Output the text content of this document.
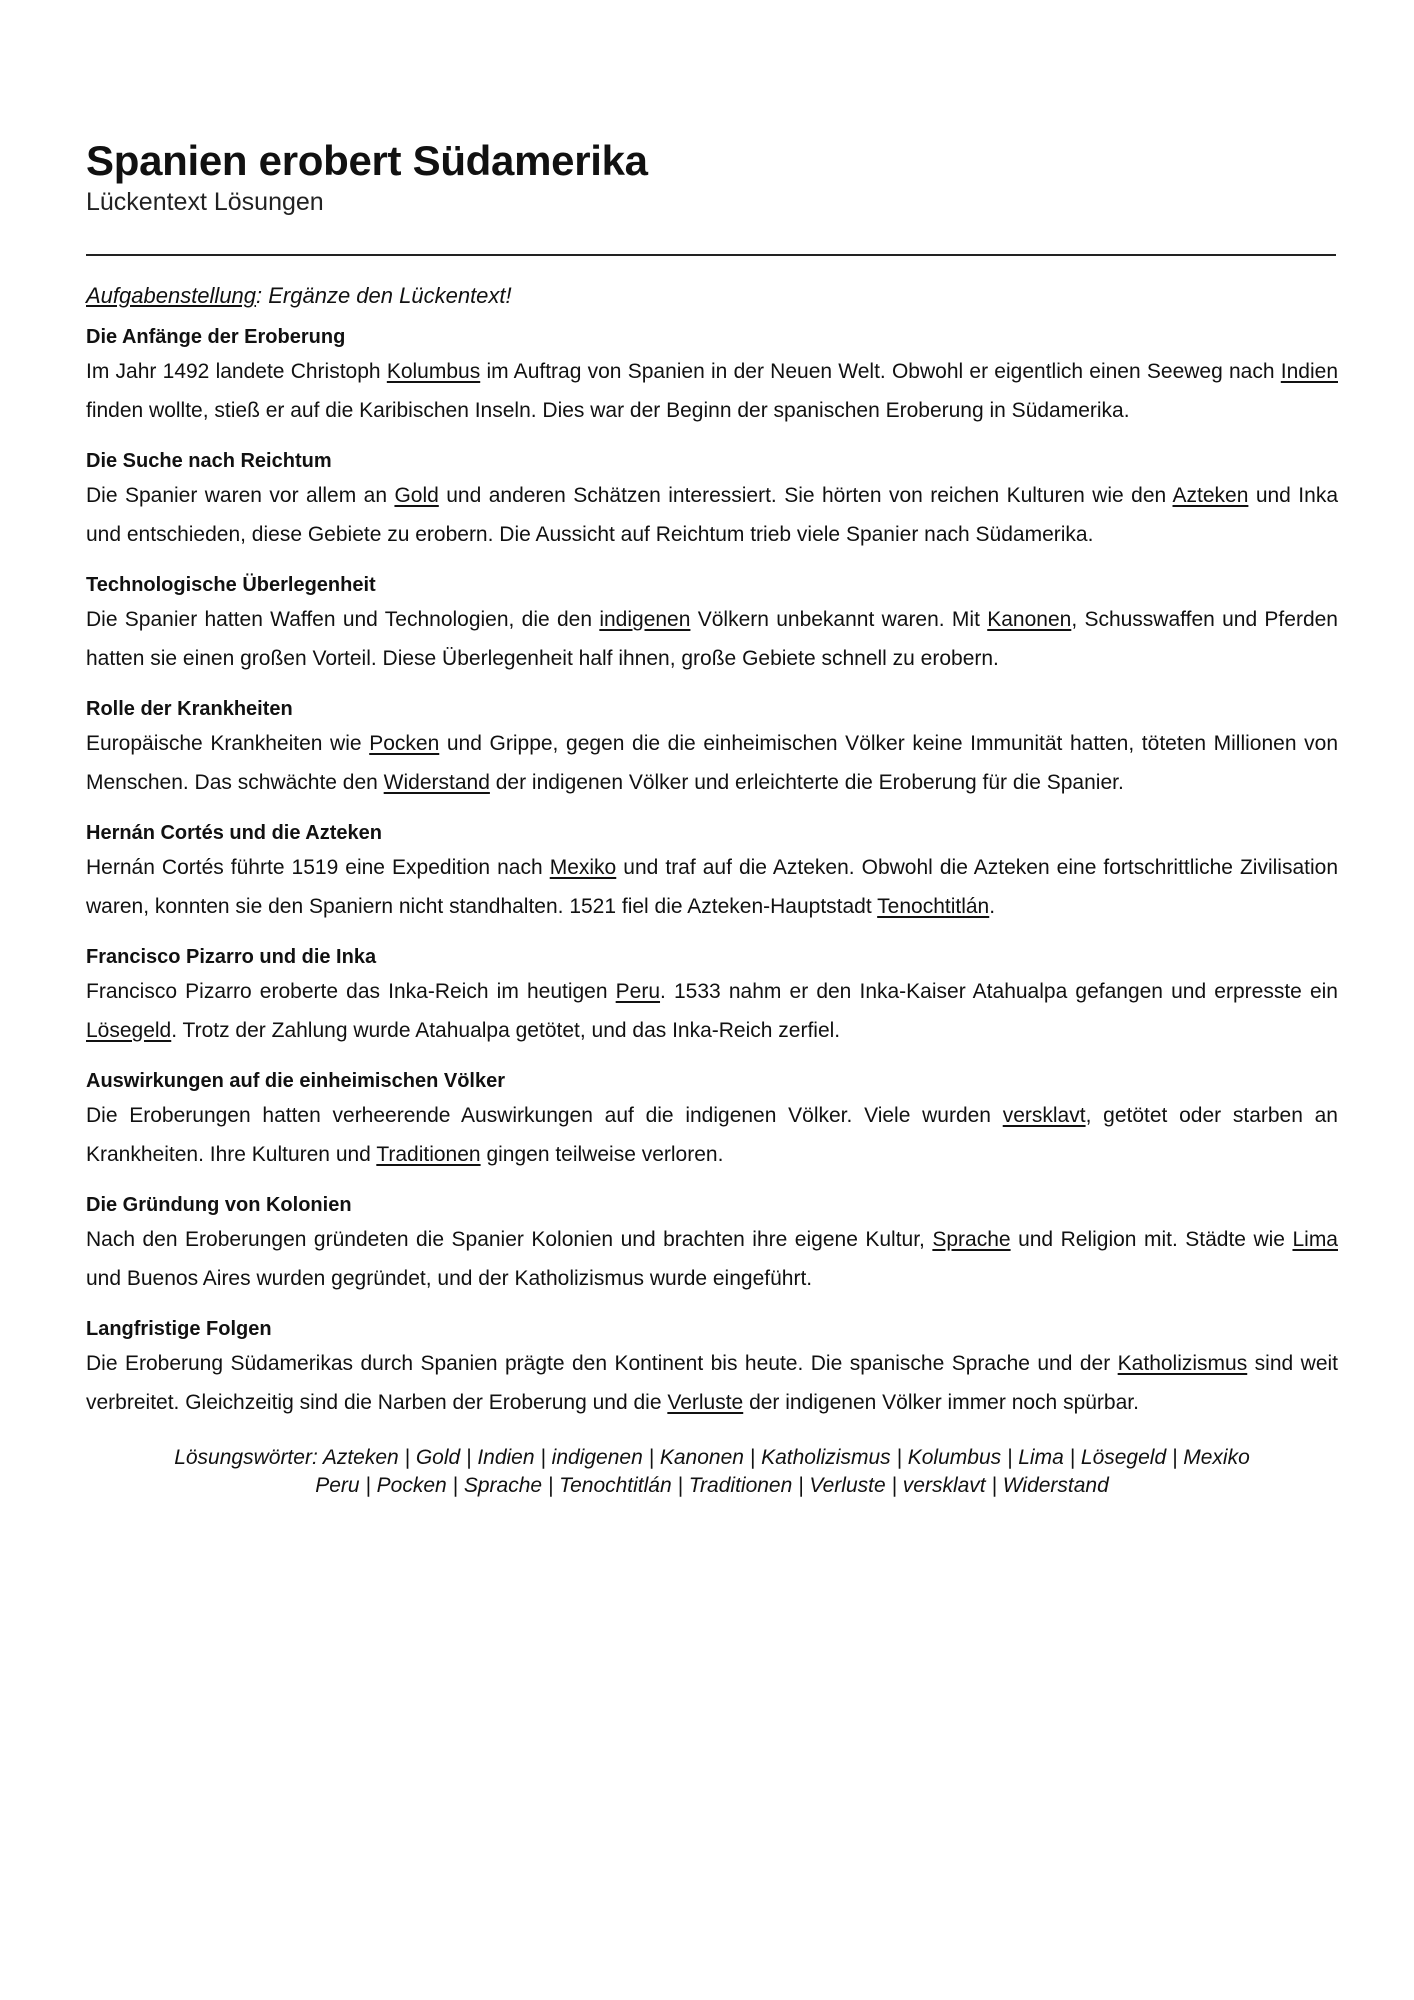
Spanien erobert Südamerika

Lückentext Lösungen

Aufgabenstellung: Ergänze den Lückentext!

Die Anfänge der Eroberung

Im Jahr 1492 landete Christoph Kolumbus im Auftrag von Spanien in der Neuen Welt. Obwohl er eigentlich einen Seeweg nach Indien finden wollte, stieß er auf die Karibischen Inseln. Dies war der Beginn der spanischen Eroberung in Südamerika.

Die Suche nach Reichtum

Die Spanier waren vor allem an Gold und anderen Schätzen interessiert. Sie hörten von reichen Kulturen wie den Azteken und Inka und entschieden, diese Gebiete zu erobern. Die Aussicht auf Reichtum trieb viele Spanier nach Südamerika.

Technologische Überlegenheit

Die Spanier hatten Waffen und Technologien, die den indigenen Völkern unbekannt waren. Mit Kanonen, Schusswaffen und Pferden hatten sie einen großen Vorteil. Diese Überlegenheit half ihnen, große Gebiete schnell zu erobern.

Rolle der Krankheiten

Europäische Krankheiten wie Pocken und Grippe, gegen die die einheimischen Völker keine Immunität hatten, töteten Millionen von Menschen. Das schwächte den Widerstand der indigenen Völker und erleichterte die Eroberung für die Spanier.

Hernán Cortés und die Azteken

Hernán Cortés führte 1519 eine Expedition nach Mexiko und traf auf die Azteken. Obwohl die Azteken eine fortschrittliche Zivilisation waren, konnten sie den Spaniern nicht standhalten. 1521 fiel die Azteken-Hauptstadt Tenochtitlán.

Francisco Pizarro und die Inka

Francisco Pizarro eroberte das Inka-Reich im heutigen Peru. 1533 nahm er den Inka-Kaiser Atahualpa gefangen und erpresste ein Lösegeld. Trotz der Zahlung wurde Atahualpa getötet, und das Inka-Reich zerfiel.

Auswirkungen auf die einheimischen Völker

Die Eroberungen hatten verheerende Auswirkungen auf die indigenen Völker. Viele wurden versklavt, getötet oder starben an Krankheiten. Ihre Kulturen und Traditionen gingen teilweise verloren.

Die Gründung von Kolonien

Nach den Eroberungen gründeten die Spanier Kolonien und brachten ihre eigene Kultur, Sprache und Religion mit. Städte wie Lima und Buenos Aires wurden gegründet, und der Katholizismus wurde eingeführt.

Langfristige Folgen

Die Eroberung Südamerikas durch Spanien prägte den Kontinent bis heute. Die spanische Sprache und der Katholizismus sind weit verbreitet. Gleichzeitig sind die Narben der Eroberung und die Verluste der indigenen Völker immer noch spürbar.

Lösungswörter: Azteken | Gold | Indien | indigenen | Kanonen | Katholizismus | Kolumbus | Lima | Lösegeld | Mexiko
Peru | Pocken | Sprache | Tenochtitlán | Traditionen | Verluste | versklavt | Widerstand
